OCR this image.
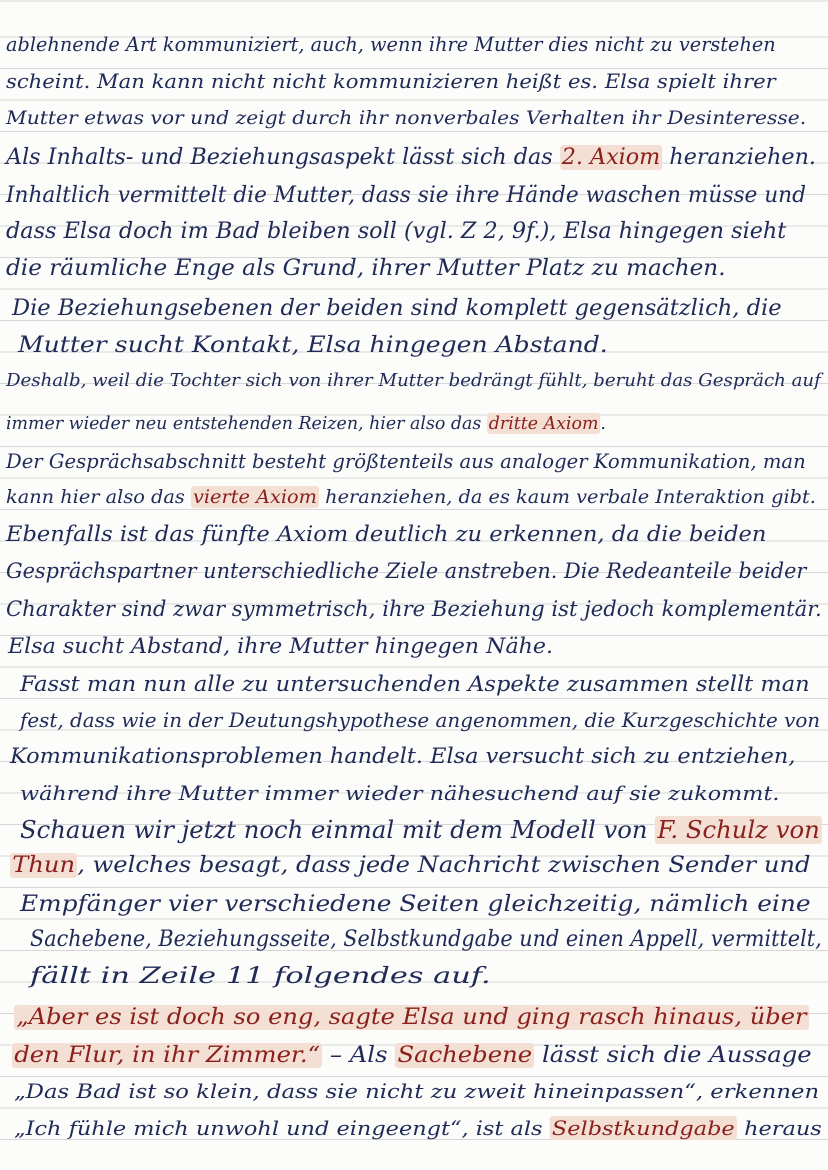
ablehnende Art kommuniziert, auch, wenn ihre Mutter dies nicht zu verstehen
scheint. Man kann nicht nicht kommunizieren heißt es. Elsa spielt ihrer
Mutter etwas vor und zeigt durch ihr nonverbales Verhalten ihr Desinteresse.
Als Inhalts- und Beziehungsaspekt lässt sich das 2. Axiom heranziehen.
Inhaltlich vermittelt die Mutter, dass sie ihre Hände waschen müsse und
dass Elsa doch im Bad bleiben soll (vgl. Z 2, 9f.), Elsa hingegen sieht
die räumliche Enge als Grund, ihrer Mutter Platz zu machen.
Die Beziehungsebenen der beiden sind komplett gegensätzlich, die
Mutter sucht Kontakt, Elsa hingegen Abstand.
Deshalb, weil die Tochter sich von ihrer Mutter bedrängt fühlt, beruht das Gespräch auf
immer wieder neu entstehenden Reizen, hier also das dritte Axiom .
Der Gesprächsabschnitt besteht größtenteils aus analoger Kommunikation, man
kann hier also das vierte Axiom heranziehen, da es kaum verbale Interaktion gibt.
Ebenfalls ist das fünfte Axiom deutlich zu erkennen, da die beiden
Gesprächspartner unterschiedliche Ziele anstreben. Die Redeanteile beider
Charakter sind zwar symmetrisch, ihre Beziehung ist jedoch komplementär.
Elsa sucht Abstand, ihre Mutter hingegen Nähe.
Fasst man nun alle zu untersuchenden Aspekte zusammen stellt man
fest, dass wie in der Deutungshypothese angenommen, die Kurzgeschichte von
Kommunikationsproblemen handelt. Elsa versucht sich zu entziehen,
während ihre Mutter immer wieder nähesuchend auf sie zukommt.
Schauen wir jetzt noch einmal mit dem Modell von F. Schulz von
Thun, welches besagt, dass jede Nachricht zwischen Sender und
Empfänger vier verschiedene Seiten gleichzeitig, nämlich eine
Sachebene, Beziehungsseite, Selbstkundgabe und einen Appell, vermittelt,
fällt in Zeile 11 folgendes auf.
„Aber es ist doch so eng, sagte Elsa und ging rasch hinaus, über
den Flur, in ihr Zimmer.“ – Als Sachebene lässt sich die Aussage
„Das Bad ist so klein, dass sie nicht zu zweit hineinpassen“, erkennen
„Ich fühle mich unwohl und eingeengt“, ist als Selbstkundgabe heraus
